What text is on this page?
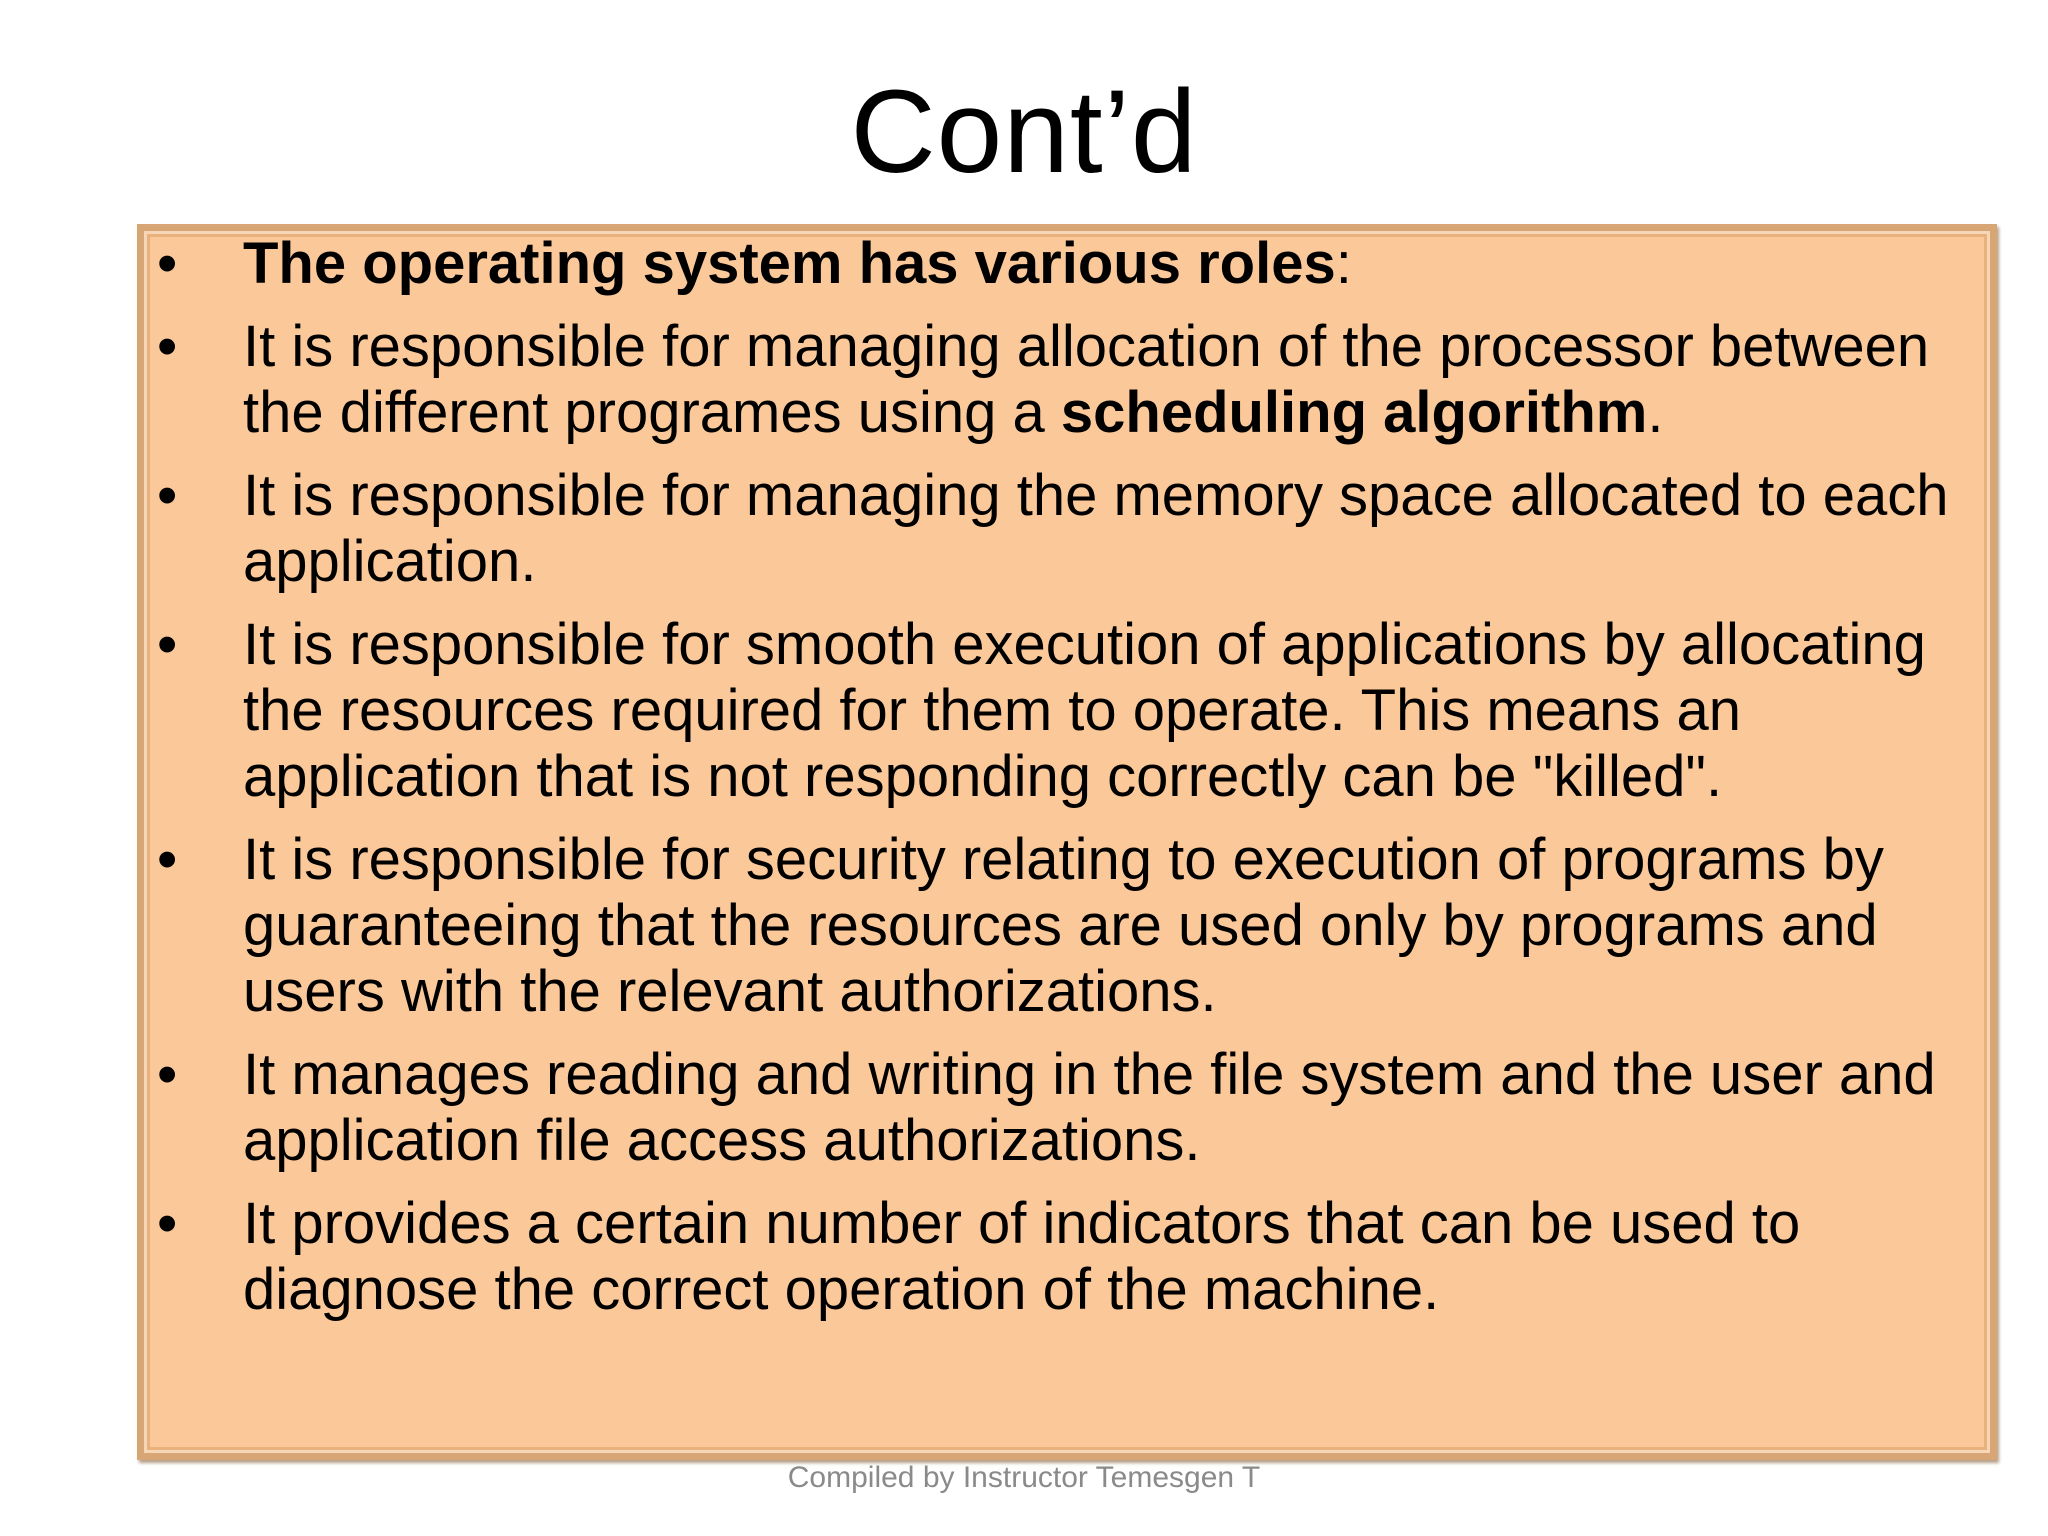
Cont’d
• The operating system has various roles:
• It is responsible for managing allocation of the processor between the different programes using a scheduling algorithm.
• It is responsible for managing the memory space allocated to each application.
• It is responsible for smooth execution of applications by allocating the resources required for them to operate. This means an application that is not responding correctly can be "killed".
• It is responsible for security relating to execution of programs by guaranteeing that the resources are used only by programs and users with the relevant authorizations.
• It manages reading and writing in the file system and the user and application file access authorizations.
• It provides a certain number of indicators that can be used to diagnose the correct operation of the machine.
Compiled by Instructor Temesgen T
